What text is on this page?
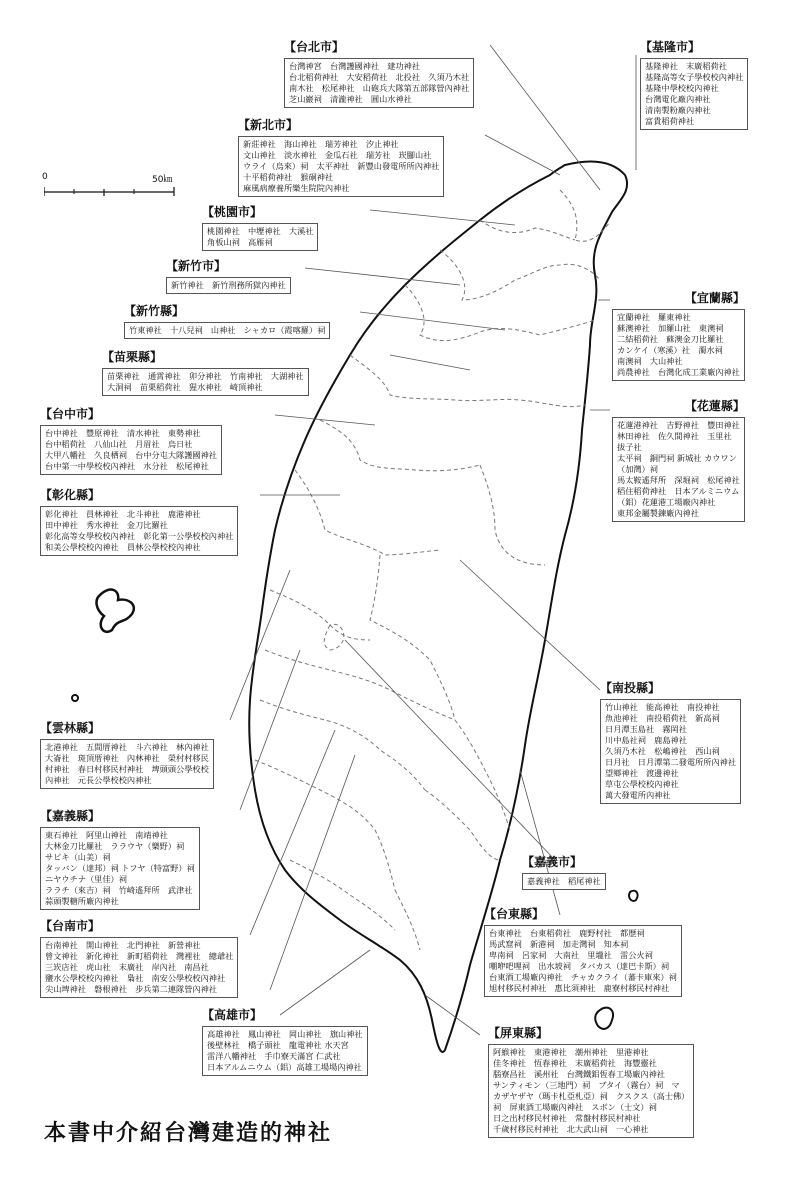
0	50㎞
【台北市】
台灣神宮　台灣護國神社　建功神社
台北稻荷神社　大安稻荷社　北投社　久須乃木社
南木社　松尾神社　山砲兵大隊第五部隊營內神社
芝山巖祠　清瀧神社　圓山水神社
【基隆市】
基隆神社　末廣稻荷社
基隆高等女子學校校內神社
基隆中學校校內神社
台灣電化廠內神社
清南製粉廠內神社
富貴稻荷神社
【新北市】
新莊神社　海山神社　瑞芳神社　汐止神社
文山神社　淡水神社　金瓜石社　瑞芳社　崁腳山社
ウライ（烏來）祠　太平神社　新豐山發電所所內神社
十平稻荷神社　猴硐神社
麻風病療養所樂生院院內神社
【桃園市】
桃園神社　中壢神社　大溪社
角板山祠　高雁祠
【新竹市】
新竹神社　新竹刑務所獄內神社
【新竹縣】
竹東神社　十八兒祠　山神社　シャカロ（霞喀羅）祠
【苗栗縣】
苗栗神社　通霄神社　卯分神社　竹南神社　大湖神社
大洞祠　苗栗稻荷社　猩水神社　崎頂神社
【宜蘭縣】
宜蘭神社　羅東神社
蘇澳神社　加羅山社　東澳祠
二結稻荷社　蘇澳金刀比羅社
カンケイ（寒溪）社　濁水祠
南澳祠　大山神社
尚農神社　台灣化成工業廠內神社
【台中市】
台中神社　豐原神社　清水神社　東勢神社
台中稻荷社　八仙山社　月眉社　烏日社
大甲八幡社　久良栖祠　台中分屯大隊護國神社
台中第一中學校校內神社　水分社　松尾神社
【花蓮縣】
花蓮港神社　吉野神社　豐田神社
林田神社　佐久間神社　玉里社
拔子社
太平祠　銅門祠 新城社 カウワン
（加灣）祠
馬太鞍遙拜所　深堀祠　松尾神社
稻住稻荷神社　日本アルミニウム
（鋁）花蓮港工場廠內神社
東邦金屬製鍊廠內神社
【彰化縣】
彰化神社　員林神社　北斗神社　鹿港神社
田中神社　秀水神社　金刀比羅社
彰化高等女學校校內神社　彰化第一公學校校內神社
和美公學校校內神社　員林公學校校內神社
【南投縣】
竹山神社　能高神社　南投神社
魚池神社　南投稻荷社　新高祠
日月潭玉島社　霧岡社
川中島社祠　鹿島神社
久須乃木社　松嶋神社　西山祠
日月社　日月潭第二發電所所內神社
望鄉神社　渡邊神社
草屯公學校校內神社
萬大發電所內神社
【雲林縣】
北港神社　五間厝神社　斗六神社　林內神社
大崙社　斑頂厝神社　內林神社　榮村村移民
村神社　春日村移民村神社　埤頭頭公學校校
內神社　元長公學校校內神社
【嘉義縣】
東石神社　阿里山神社　南靖神社
大林金刀比羅社　ララウヤ（樂野）祠
サビキ（山美）祠
タッバン（達邦）祠 トフヤ（特富野）祠
ニヤウチナ（里佳）祠
ララチ（來吉）祠　竹崎遙拜所　武津社
蒜頭製糖所廠內神社
【嘉義市】
嘉義神社　稻尾神社
【台東縣】
台東神社　台東稻荷社　鹿野村社　都歷祠
馬武窟祠　新港祠　加走灣祠　知本祠
卑南祠　呂家祠　大南社　里壠社　雷公火祠
嘲咿吧哩祠　出水坡祠　タバカス（達巴卡斯）祠
台東酒工場廠內神社　チャカクライ（蕃卡庫來）祠
旭村移民村神社　惠比須神社　鹿寮村移民村神社
【台南市】
台南神社　開山神社　北門神社　新營神社
曾文神社　新化神社　新町稻荷社　灣裡社　總爺社
三崁店社　虎山社　末廣社　岸內社　南昌社
鹽水公學校校內神社　梟社　南安公學校校內神社
尖山埤神社　磐根神社　步兵第二連隊營內神社
【高雄市】
高雄神社　鳳山神社　岡山神社　旗山神社
後壁林社　橋子頭社　龍電神社 水天宮
雷洋八幡神社　手巾寮天滿宮 仁武社
日本アルムニウム（鋁）高雄工場場內神社
【屏東縣】
阿緱神社　東港神社　潮州神社　里港神社
佳冬神社　恆春神社　末廣稻荷社　海豐靈社
腦寮昌社　溪州社　台灣鐵鋁恆春工場廠內神社
サンティモン（三地門）祠　ブタイ（霧台）祠　マ
カザヤザヤ（瑪卡札亞札亞）祠　クスクス（高士佛）
祠　屏東酒工場廠內神社　スボン（士文）祠
日之出村移民村神社　常盤村移民村神社
千歲村移民村神社　北大武山祠　一心神社
本書中介紹台灣建造的神社
